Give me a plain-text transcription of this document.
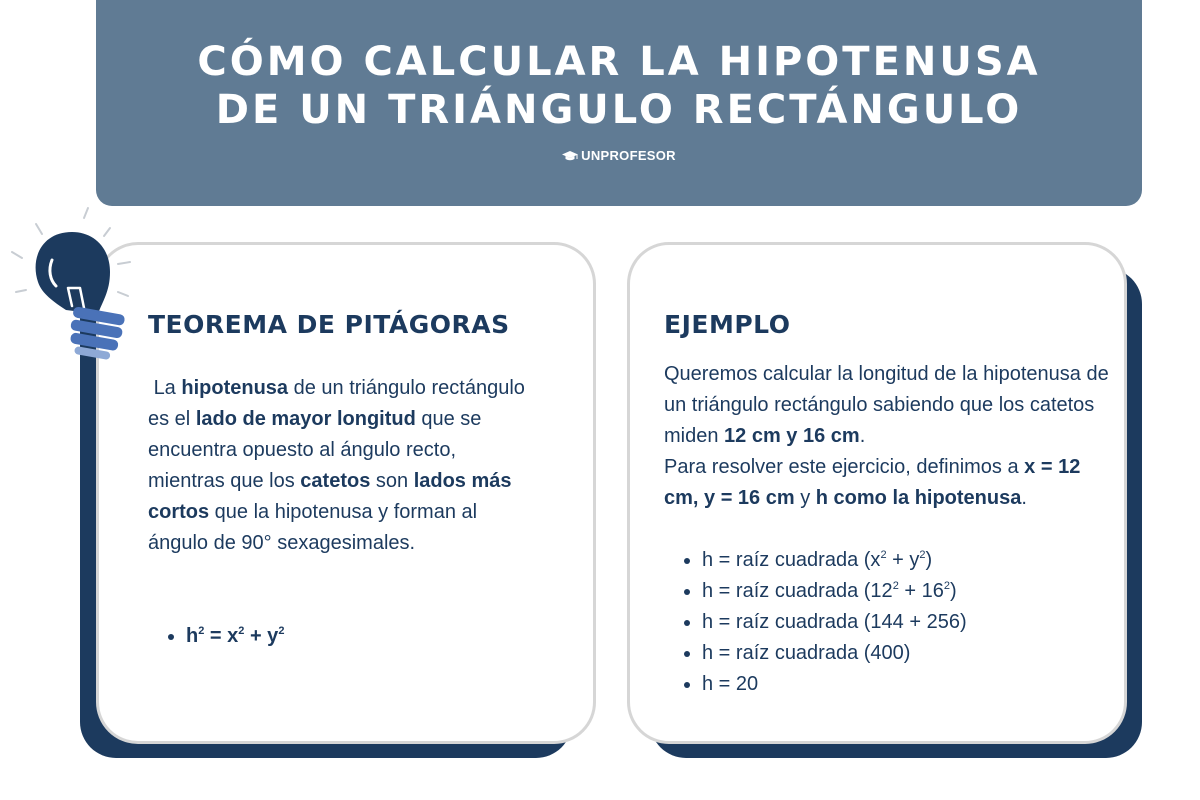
CÓMO CALCULAR LA HIPOTENUSA
DE UN TRIÁNGULO RECTÁNGULO
UNPROFESOR
TEOREMA DE PITÁGORAS

La hipotenusa de un triángulo rectángulo es el lado de mayor longitud que se encuentra opuesto al ángulo recto, mientras que los catetos son lados más cortos que la hipotenusa y forman al ángulo de 90° sexagesimales.

• $h^2 = x^2 + y^2$
EJEMPLO

Queremos calcular la longitud de la hipotenusa de un triángulo rectángulo sabiendo que los catetos miden 12 cm y 16 cm.

Para resolver este ejercicio, definimos a x = 12 cm, y = 16 cm y h como la hipotenusa.

• h = raíz cuadrada $(x^2 + y^2)$
• h = raíz cuadrada $(12^2 + 16^2)$
• h = raíz cuadrada (144 + 256)
• h = raíz cuadrada (400)
• h = 20
